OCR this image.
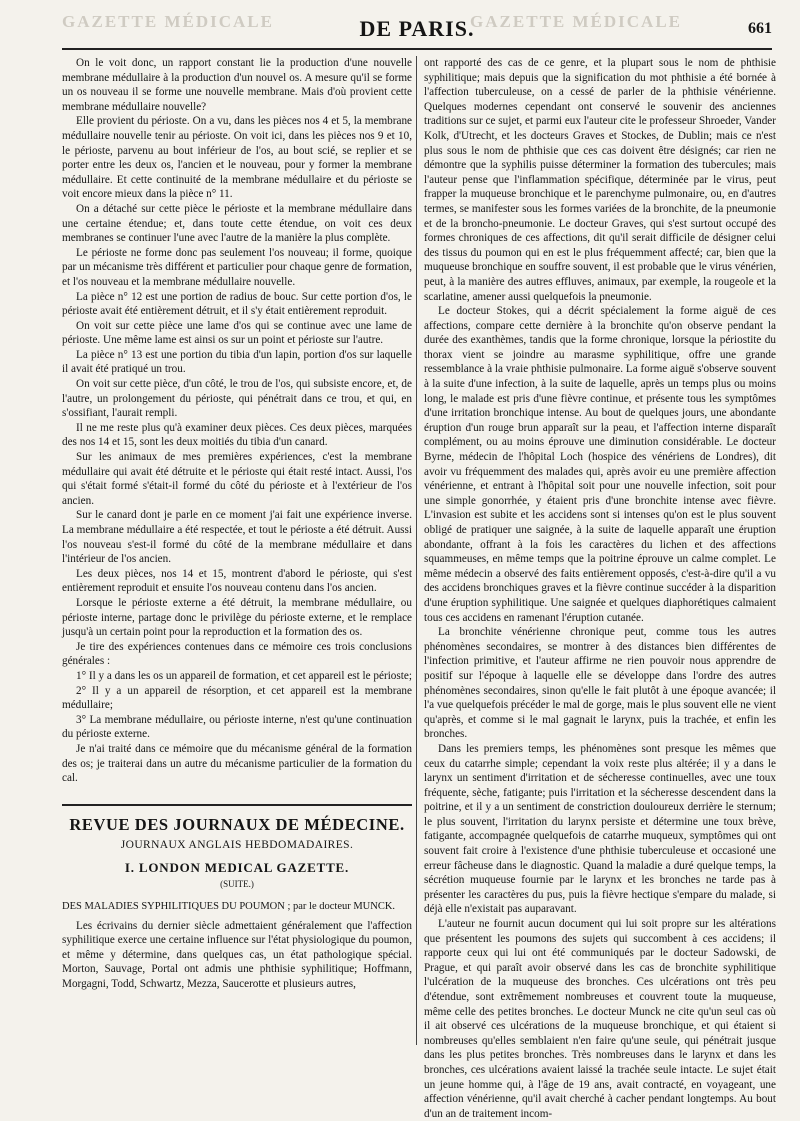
GAZETTE MÉDICALE	GAZETTE MÉDICALE
DE PARIS.	661

On le voit donc, un rapport constant lie la production d'une nouvelle membrane médullaire à la production d'un nouvel os. A mesure qu'il se forme un os nouveau il se forme une nouvelle membrane. Mais d'où provient cette membrane médullaire nouvelle?

Elle provient du périoste. On a vu, dans les pièces nos 4 et 5, la membrane médullaire nouvelle tenir au périoste. On voit ici, dans les pièces nos 9 et 10, le périoste, parvenu au bout inférieur de l'os, au bout scié, se replier et se porter entre les deux os, l'ancien et le nouveau, pour y former la membrane médullaire. Et cette continuité de la membrane médullaire et du périoste se voit encore mieux dans la pièce n° 11.

On a détaché sur cette pièce le périoste et la membrane médullaire dans une certaine étendue; et, dans toute cette étendue, on voit ces deux membranes se continuer l'une avec l'autre de la manière la plus complète.

Le périoste ne forme donc pas seulement l'os nouveau; il forme, quoique par un mécanisme très différent et particulier pour chaque genre de formation, et l'os nouveau et la membrane médullaire nouvelle.

La pièce n° 12 est une portion de radius de bouc. Sur cette portion d'os, le périoste avait été entièrement détruit, et il s'y était entièrement reproduit.

On voit sur cette pièce une lame d'os qui se continue avec une lame de périoste. Une même lame est ainsi os sur un point et périoste sur l'autre.

La pièce n° 13 est une portion du tibia d'un lapin, portion d'os sur laquelle il avait été pratiqué un trou.

On voit sur cette pièce, d'un côté, le trou de l'os, qui subsiste encore, et, de l'autre, un prolongement du périoste, qui pénétrait dans ce trou, et qui, en s'ossifiant, l'aurait rempli.

Il ne me reste plus qu'à examiner deux pièces. Ces deux pièces, marquées des nos 14 et 15, sont les deux moitiés du tibia d'un canard.

Sur les animaux de mes premières expériences, c'est la membrane médullaire qui avait été détruite et le périoste qui était resté intact. Aussi, l'os qui s'était formé s'était-il formé du côté du périoste et à l'extérieur de l'os ancien.

Sur le canard dont je parle en ce moment j'ai fait une expérience inverse. La membrane médullaire a été respectée, et tout le périoste a été détruit. Aussi l'os nouveau s'est-il formé du côté de la membrane médullaire et dans l'intérieur de l'os ancien.

Les deux pièces, nos 14 et 15, montrent d'abord le périoste, qui s'est entièrement reproduit et ensuite l'os nouveau contenu dans l'os ancien.

Lorsque le périoste externe a été détruit, la membrane médullaire, ou périoste interne, partage donc le privilège du périoste externe, et le remplace jusqu'à un certain point pour la reproduction et la formation des os.

Je tire des expériences contenues dans ce mémoire ces trois conclusions générales :

1° Il y a dans les os un appareil de formation, et cet appareil est le périoste;

2° Il y a un appareil de résorption, et cet appareil est la membrane médullaire;

3° La membrane médullaire, ou périoste interne, n'est qu'une continuation du périoste externe.

Je n'ai traité dans ce mémoire que du mécanisme général de la formation des os; je traiterai dans un autre du mécanisme particulier de la formation du cal.

REVUE DES JOURNAUX DE MÉDECINE.
JOURNAUX ANGLAIS HEBDOMADAIRES.
I. LONDON MEDICAL GAZETTE.
(SUITE.)

DES MALADIES SYPHILITIQUES DU POUMON ; par le docteur MUNCK.

Les écrivains du dernier siècle admettaient généralement que l'affection syphilitique exerce une certaine influence sur l'état physiologique du poumon, et même y détermine, dans quelques cas, un état pathologique spécial. Morton, Sauvage, Portal ont admis une phthisie syphilitique; Hoffmann, Morgagni, Todd, Schwartz, Mezza, Saucerotte et plusieurs autres,

ont rapporté des cas de ce genre, et la plupart sous le nom de phthisie syphilitique; mais depuis que la signification du mot phthisie a été bornée à l'affection tuberculeuse, on a cessé de parler de la phthisie vénérienne. Quelques modernes cependant ont conservé le souvenir des anciennes traditions sur ce sujet, et parmi eux l'auteur cite le professeur Shroeder, Vander Kolk, d'Utrecht, et les docteurs Graves et Stockes, de Dublin; mais ce n'est plus sous le nom de phthisie que ces cas doivent être désignés; car rien ne démontre que la syphilis puisse déterminer la formation des tubercules; mais l'auteur pense que l'inflammation spécifique, déterminée par le virus, peut frapper la muqueuse bronchique et le parenchyme pulmonaire, ou, en d'autres termes, se manifester sous les formes variées de la bronchite, de la pneumonie et de la broncho-pneumonie. Le docteur Graves, qui s'est surtout occupé des formes chroniques de ces affections, dit qu'il serait difficile de désigner celui des tissus du poumon qui en est le plus fréquemment affecté; car, bien que la muqueuse bronchique en souffre souvent, il est probable que le virus vénérien, peut, à la manière des autres effluves, animaux, par exemple, la rougeole et la scarlatine, amener aussi quelquefois la pneumonie.

Le docteur Stokes, qui a décrit spécialement la forme aiguë de ces affections, compare cette dernière à la bronchite qu'on observe pendant la durée des exanthèmes, tandis que la forme chronique, lorsque la périostite du thorax vient se joindre au marasme syphilitique, offre une grande ressemblance à la vraie phthisie pulmonaire. La forme aiguë s'observe souvent à la suite d'une infection, à la suite de laquelle, après un temps plus ou moins long, le malade est pris d'une fièvre continue, et présente tous les symptômes d'une irritation bronchique intense. Au bout de quelques jours, une abondante éruption d'un rouge brun apparaît sur la peau, et l'affection interne disparaît complément, ou au moins éprouve une diminution considérable. Le docteur Byrne, médecin de l'hôpital Loch (hospice des vénériens de Londres), dit avoir vu fréquemment des malades qui, après avoir eu une première affection vénérienne, et entrant à l'hôpital soit pour une nouvelle infection, soit pour une simple gonorrhée, y étaient pris d'une bronchite intense avec fièvre. L'invasion est subite et les accidens sont si intenses qu'on est le plus souvent obligé de pratiquer une saignée, à la suite de laquelle apparaît une éruption abondante, offrant à la fois les caractères du lichen et des affections squammeuses, en même temps que la poitrine éprouve un calme complet. Le même médecin a observé des faits entièrement opposés, c'est-à-dire qu'il a vu des accidens bronchiques graves et la fièvre continue succéder à la disparition d'une éruption syphilitique. Une saignée et quelques diaphorétiques calmaient tous ces accidens en ramenant l'éruption cutanée.

La bronchite vénérienne chronique peut, comme tous les autres phénomènes secondaires, se montrer à des distances bien différentes de l'infection primitive, et l'auteur affirme ne rien pouvoir nous apprendre de positif sur l'époque à laquelle elle se développe dans l'ordre des autres phénomènes secondaires, sinon qu'elle le fait plutôt à une époque avancée; il l'a vue quelquefois précéder le mal de gorge, mais le plus souvent elle ne vient qu'après, et comme si le mal gagnait le larynx, puis la trachée, et enfin les bronches.

Dans les premiers temps, les phénomènes sont presque les mêmes que ceux du catarrhe simple; cependant la voix reste plus altérée; il y a dans le larynx un sentiment d'irritation et de sécheresse continuelles, avec une toux fréquente, sèche, fatigante; puis l'irritation et la sécheresse descendent dans la poitrine, et il y a un sentiment de constriction douloureux derrière le sternum; le plus souvent, l'irritation du larynx persiste et détermine une toux brève, fatigante, accompagnée quelquefois de catarrhe muqueux, symptômes qui ont souvent fait croire à l'existence d'une phthisie tuberculeuse et occasioné une erreur fâcheuse dans le diagnostic. Quand la maladie a duré quelque temps, la sécrétion muqueuse fournie par le larynx et les bronches ne tarde pas à présenter les caractères du pus, puis la fièvre hectique s'empare du malade, si déjà elle n'existait pas auparavant.

L'auteur ne fournit aucun document qui lui soit propre sur les altérations que présentent les poumons des sujets qui succombent à ces accidens; il rapporte ceux qui lui ont été communiqués par le docteur Sadowski, de Prague, et qui paraît avoir observé dans les cas de bronchite syphilitique l'ulcération de la muqueuse des bronches. Ces ulcérations ont très peu d'étendue, sont extrêmement nombreuses et couvrent toute la muqueuse, même celle des petites bronches. Le docteur Munck ne cite qu'un seul cas où il ait observé ces ulcérations de la muqueuse bronchique, et qui étaient si nombreuses qu'elles semblaient n'en faire qu'une seule, qui pénétrait jusque dans les plus petites bronches. Très nombreuses dans le larynx et dans les bronches, ces ulcérations avaient laissé la trachée seule intacte. Le sujet était un jeune homme qui, à l'âge de 19 ans, avait contracté, en voyageant, une affection vénérienne, qu'il avait cherché à cacher pendant longtemps. Au bout d'un an de traitement incom-
